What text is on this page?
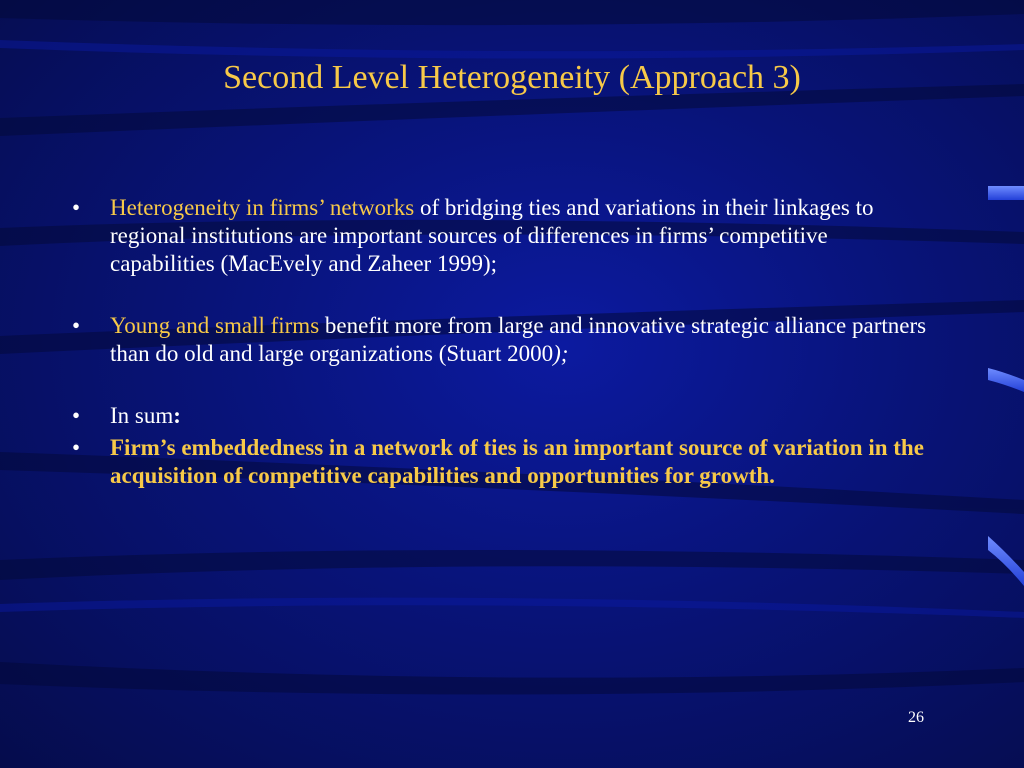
Second Level Heterogeneity (Approach 3)
• Heterogeneity in firms’ networks of bridging ties and variations in their linkages to regional institutions are important sources of differences in firms’ competitive capabilities (MacEvely and Zaheer 1999);
• Young and small firms benefit more from large and innovative strategic alliance partners than do old and large organizations (Stuart 2000);
• In sum:
• Firm’s embeddedness in a network of ties is an important source of variation in the acquisition of competitive capabilities and opportunities for growth.
26
